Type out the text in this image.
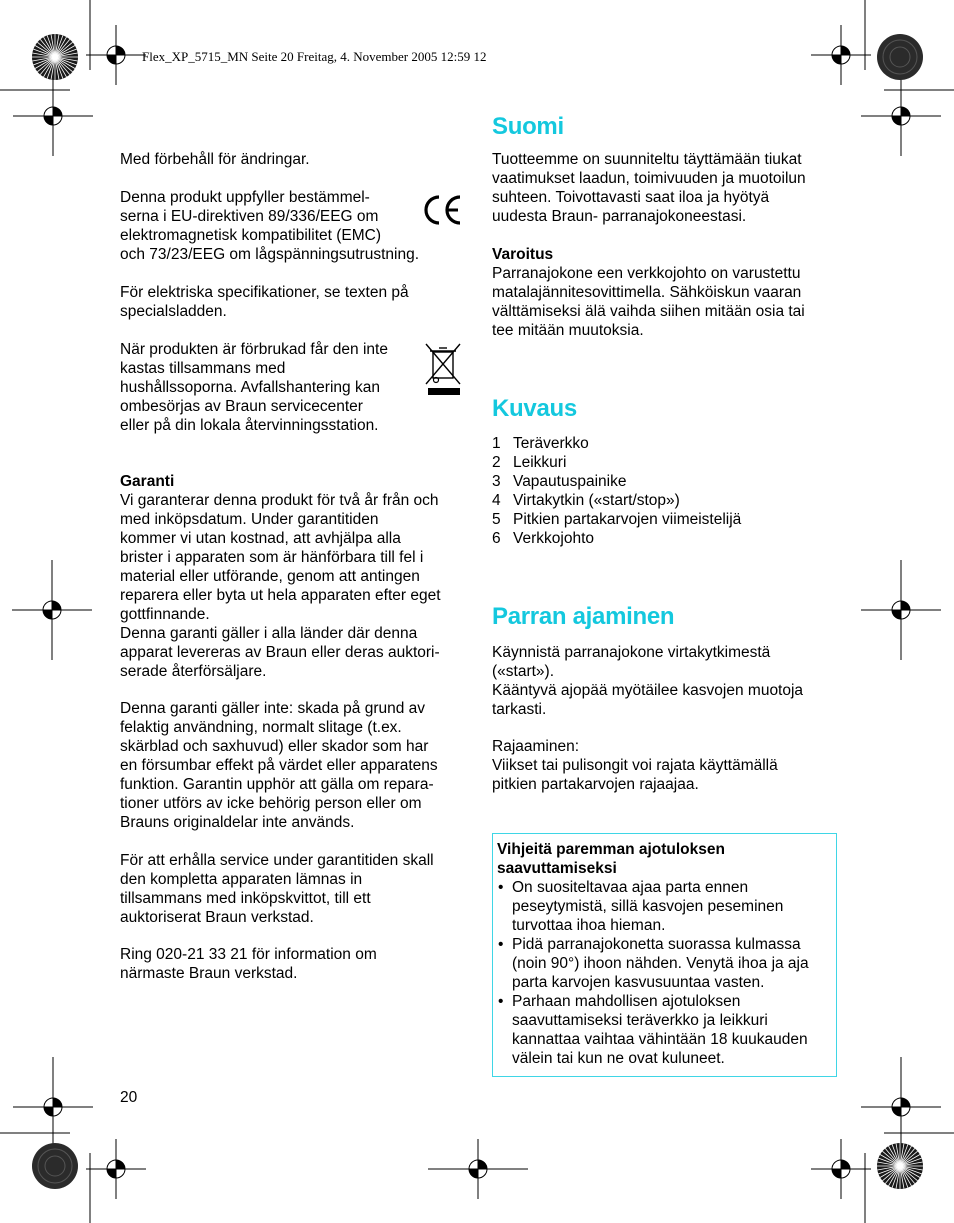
Flex_XP_5715_MN Seite 20 Freitag, 4. November 2005 12:59 12

Med förbehåll för ändringar.

Denna produkt uppfyller bestämmel-
serna i EU-direktiven 89/336/EEG om
elektromagnetisk kompatibilitet (EMC)
och 73/23/EEG om lågspänningsutrustning.

För elektriska specifikationer, se texten på
specialsladden.

När produkten är förbrukad får den inte
kastas tillsammans med
hushållssoporna. Avfallshantering kan
ombesörjas av Braun servicecenter
eller på din lokala återvinningsstation.

Garanti

Vi garanterar denna produkt för två år från och
med inköpsdatum. Under garantitiden
kommer vi utan kostnad, att avhjälpa alla
brister i apparaten som är hänförbara till fel i
material eller utförande, genom att antingen
reparera eller byta ut hela apparaten efter eget
gottfinnande.
Denna garanti gäller i alla länder där denna
apparat levereras av Braun eller deras auktori-
serade återförsäljare.

Denna garanti gäller inte: skada på grund av
felaktig användning, normalt slitage (t.ex.
skärblad och saxhuvud) eller skador som har
en försumbar effekt på värdet eller apparatens
funktion. Garantin upphör att gälla om repara-
tioner utförs av icke behörig person eller om
Brauns originaldelar inte används.

För att erhålla service under garantitiden skall
den kompletta apparaten lämnas in
tillsammans med inköpskvittot, till ett
auktoriserat Braun verkstad.

Ring 020-21 33 21 för information om
närmaste Braun verkstad.

20

Suomi

Tuotteemme on suunniteltu täyttämään tiukat
vaatimukset laadun, toimivuuden ja muotoilun
suhteen. Toivottavasti saat iloa ja hyötyä
uudesta Braun- parranajokoneestasi.

Varoitus

Parranajokone een verkkojohto on varustettu
matalajännitesovittimella. Sähköiskun vaaran
välttämiseksi älä vaihda siihen mitään osia tai
tee mitään muutoksia.

Kuvaus
1 Teräverkko
2 Leikkuri
3 Vapautuspainike
4 Virtakytkin («start/stop»)
5 Pitkien partakarvojen viimeistelijä
6 Verkkojohto
Parran ajaminen

Käynnistä parranajokone virtakytkimestä
(«start»).
Kääntyvä ajopää myötäilee kasvojen muotoja
tarkasti.

Rajaaminen:
Viikset tai pulisongit voi rajata käyttämällä
pitkien partakarvojen rajaajaa.

Vihjeitä paremman ajotuloksen
saavuttamiseksi

• On suositeltavaa ajaa parta ennen
peseytymistä, sillä kasvojen peseminen
turvottaa ihoa hieman.
• Pidä parranajokonetta suorassa kulmassa
(noin 90°) ihoon nähden. Venytä ihoa ja aja
parta karvojen kasvusuuntaa vasten.
• Parhaan mahdollisen ajotuloksen
saavuttamiseksi teräverkko ja leikkuri
kannattaa vaihtaa vähintään 18 kuukauden
välein tai kun ne ovat kuluneet.
